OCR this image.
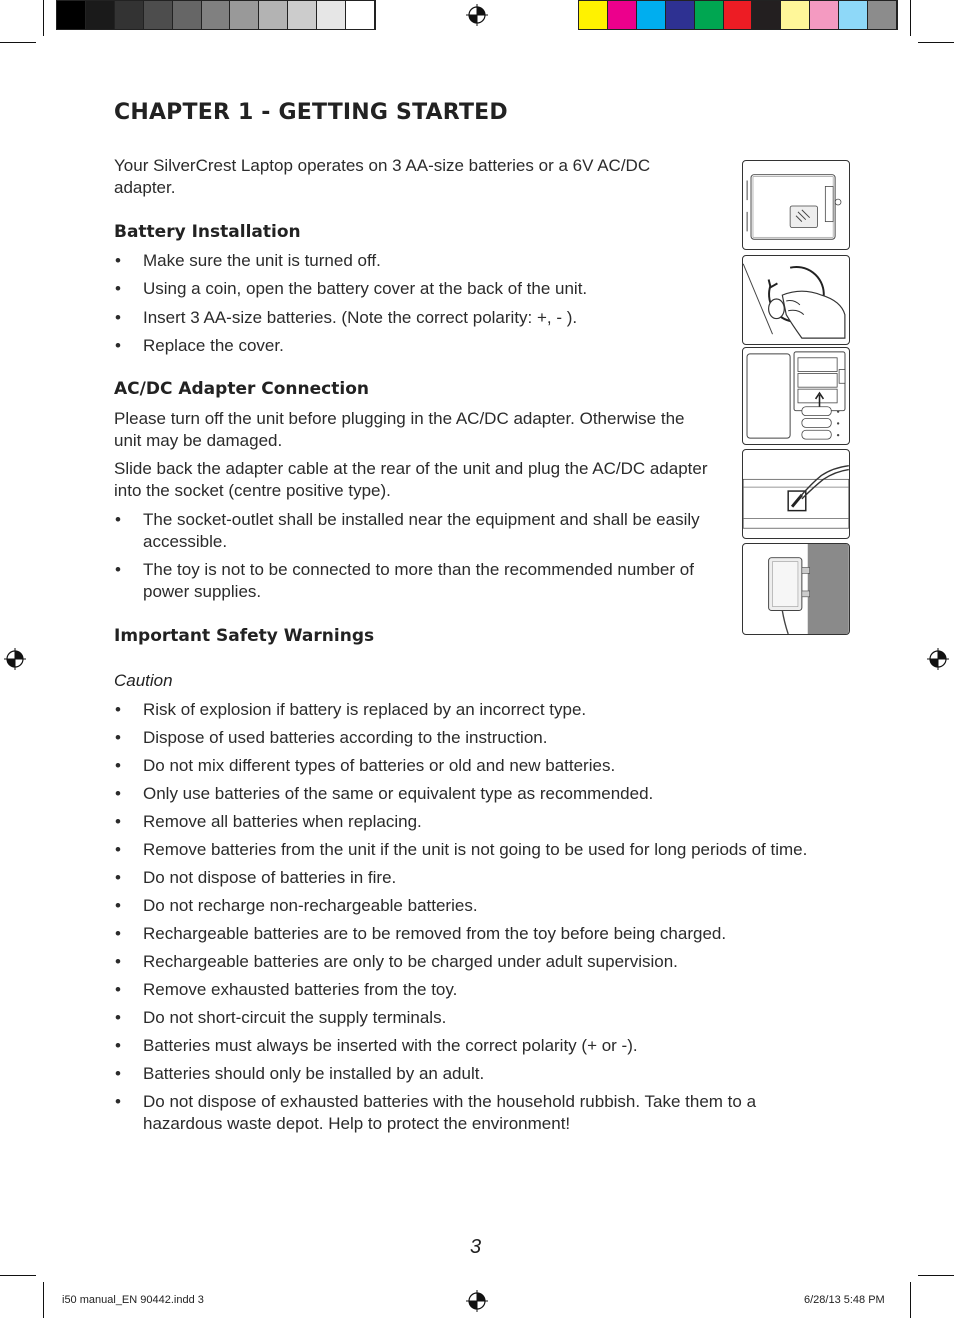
CHAPTER 1 - GETTING STARTED

Your SilverCrest Laptop operates on 3 AA-size batteries or a 6V AC/DC adapter.

Battery Installation
• Make sure the unit is turned off.
• Using a coin, open the battery cover at the back of the unit.
• Insert 3 AA-size batteries. (Note the correct polarity: +, - ).
• Replace the cover.
AC/DC Adapter Connection

Please turn off the unit before plugging in the AC/DC adapter. Otherwise the unit may be damaged.

Slide back the adapter cable at the rear of the unit and plug the AC/DC adapter into the socket (centre positive type).

• The socket-outlet shall be installed near the equipment and shall be easily accessible.
• The toy is not to be connected to more than the recommended number of power supplies.
Important Safety Warnings

Caution

• Risk of explosion if battery is replaced by an incorrect type.
• Dispose of used batteries according to the instruction.
• Do not mix different types of batteries or old and new batteries.
• Only use batteries of the same or equivalent type as recommended.
• Remove all batteries when replacing.
• Remove batteries from the unit if the unit is not going to be used for long periods of time.
• Do not dispose of batteries in fire.
• Do not recharge non-rechargeable batteries.
• Rechargeable batteries are to be removed from the toy before being charged.
• Rechargeable batteries are only to be charged under adult supervision.
• Remove exhausted batteries from the toy.
• Do not short-circuit the supply terminals.
• Batteries must always be inserted with the correct polarity (+ or -).
• Batteries should only be installed by an adult.
• Do not dispose of exhausted batteries with the household rubbish. Take them to a hazardous waste depot. Help to protect the environment!
3
i50 manual_EN 90442.indd 3	6/28/13 5:48 PM
